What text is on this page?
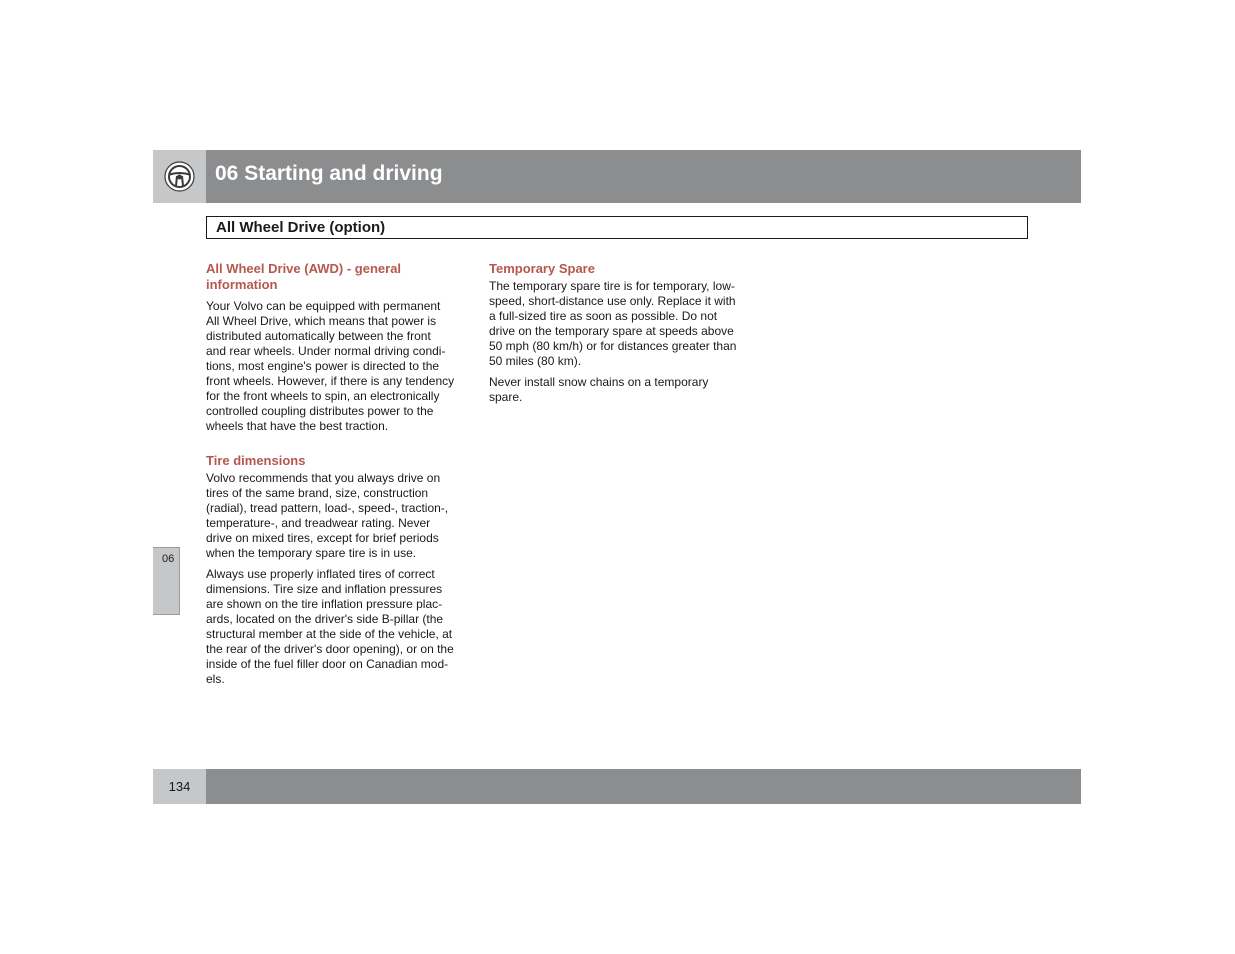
06 Starting and driving
All Wheel Drive (option)

All Wheel Drive (AWD) - general
information

Your Volvo can be equipped with permanent
All Wheel Drive, which means that power is
distributed automatically between the front
and rear wheels. Under normal driving condi-
tions, most engine's power is directed to the
front wheels. However, if there is any tendency
for the front wheels to spin, an electronically
controlled coupling distributes power to the
wheels that have the best traction.

Tire dimensions

Volvo recommends that you always drive on
tires of the same brand, size, construction
(radial), tread pattern, load-, speed-, traction-,
temperature-, and treadwear rating. Never
drive on mixed tires, except for brief periods
when the temporary spare tire is in use.

Always use properly inflated tires of correct
dimensions. Tire size and inflation pressures
are shown on the tire inflation pressure plac-
ards, located on the driver's side B-pillar (the
structural member at the side of the vehicle, at
the rear of the driver's door opening), or on the
inside of the fuel filler door on Canadian mod-
els.

Temporary Spare

The temporary spare tire is for temporary, low-
speed, short-distance use only. Replace it with
a full-sized tire as soon as possible. Do not
drive on the temporary spare at speeds above
50 mph (80 km/h) or for distances greater than
50 miles (80 km).

Never install snow chains on a temporary
spare.

06
134
